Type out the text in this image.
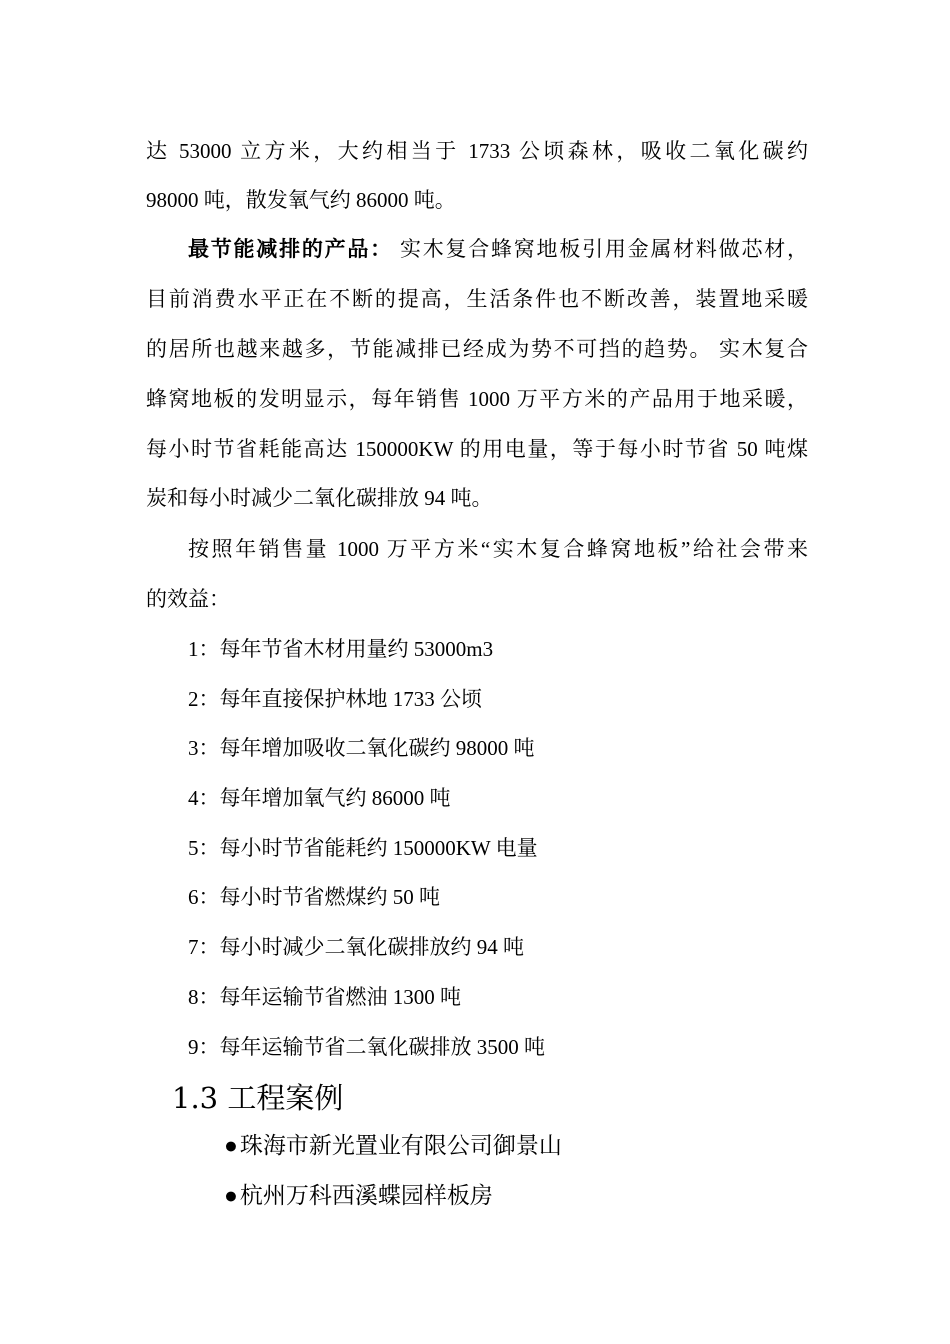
达 53000 立方米，大约相当于 1733 公顷森林，吸收二氧化碳约
98000 吨，散发氧气约 86000 吨。
最节能减排的产品： 实木复合蜂窝地板引用金属材料做芯材，
目前消费水平正在不断的提高，生活条件也不断改善，装置地采暖
的居所也越来越多，节能减排已经成为势不可挡的趋势。 实木复合
蜂窝地板的发明显示，每年销售 1000 万平方米的产品用于地采暖，
每小时节省耗能高达 150000KW 的用电量，等于每小时节省 50 吨煤
炭和每小时减少二氧化碳排放 94 吨。
按照年销售量 1000 万平方米“实木复合蜂窝地板”给社会带来
的效益：
1：每年节省木材用量约 53000m3
2：每年直接保护林地 1733 公顷
3：每年增加吸收二氧化碳约 98000 吨
4：每年增加氧气约 86000 吨
5：每小时节省能耗约 150000KW 电量
6：每小时节省燃煤约 50 吨
7：每小时减少二氧化碳排放约 94 吨
8：每年运输节省燃油 1300 吨
9：每年运输节省二氧化碳排放 3500 吨
1.3 工程案例
●珠海市新光置业有限公司御景山
●杭州万科西溪蝶园样板房
